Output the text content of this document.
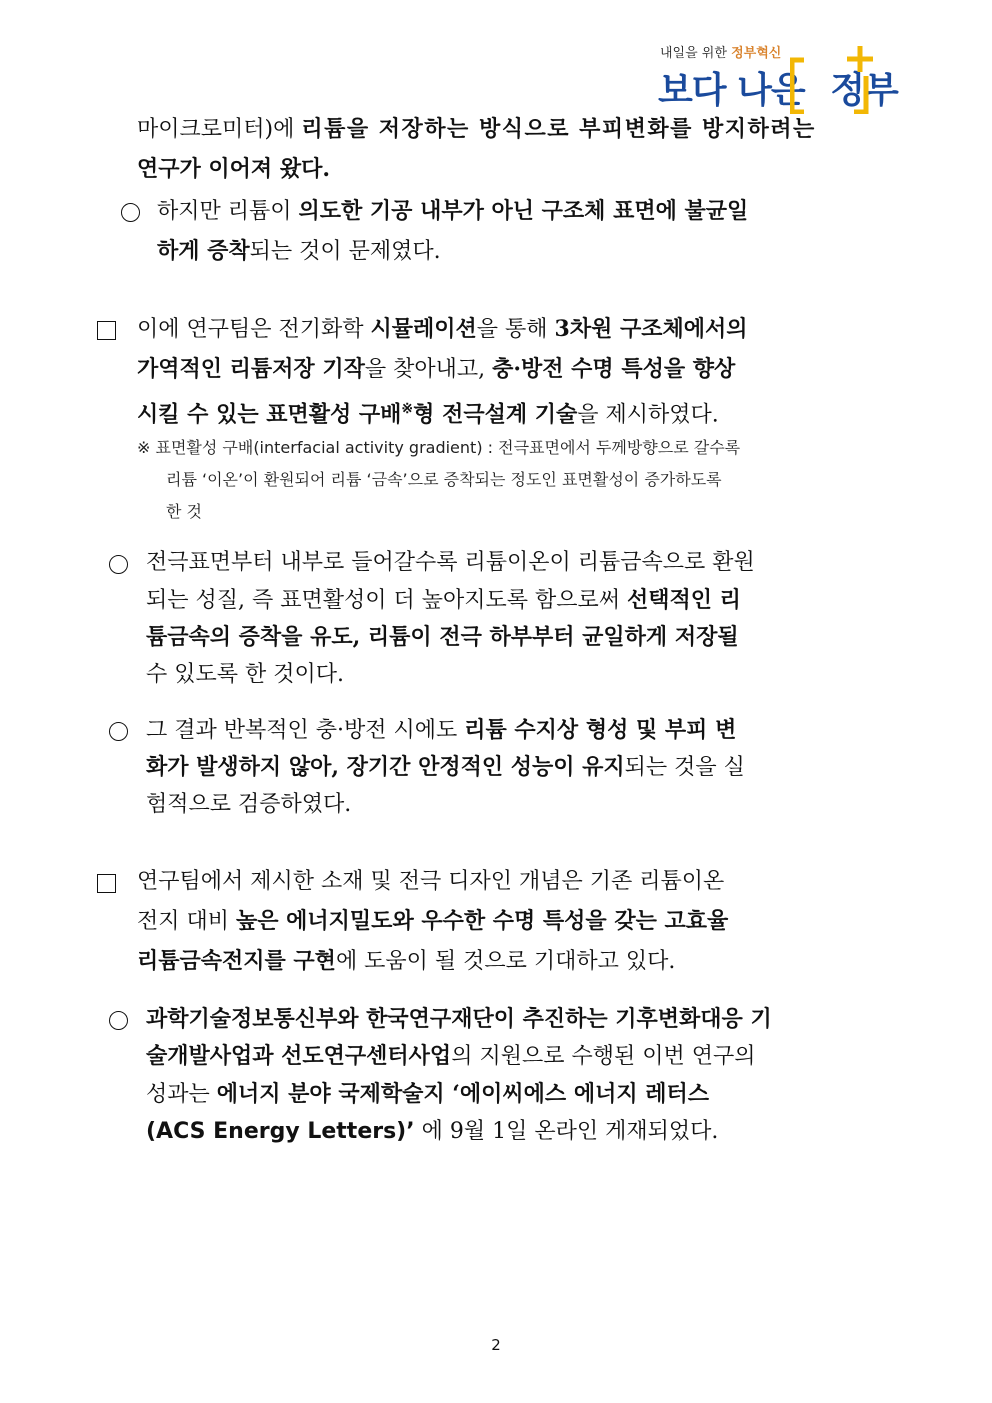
내일을 위한 정부혁신
보다 나은 정부
마이크로미터)에 리튬을 저장하는 방식으로 부피변화를 방지하려는
연구가 이어져 왔다.
하지만 리튬이 의도한 기공 내부가 아닌 구조체 표면에 불균일
하게 증착되는 것이 문제였다.
이에 연구팀은 전기화학 시뮬레이션을 통해 3차원 구조체에서의
가역적인 리튬저장 기작을 찾아내고, 충·방전 수명 특성을 향상
시킬 수 있는 표면활성 구배※형 전극설계 기술을 제시하였다.
※ 표면활성 구배(interfacial activity gradient) : 전극표면에서 두께방향으로 갈수록
리튬 ‘이온’이 환원되어 리튬 ‘금속’으로 증착되는 정도인 표면활성이 증가하도록
한 것
전극표면부터 내부로 들어갈수록 리튬이온이 리튬금속으로 환원
되는 성질, 즉 표면활성이 더 높아지도록 함으로써 선택적인 리
튬금속의 증착을 유도, 리튬이 전극 하부부터 균일하게 저장될
수 있도록 한 것이다.
그 결과 반복적인 충·방전 시에도 리튬 수지상 형성 및 부피 변
화가 발생하지 않아, 장기간 안정적인 성능이 유지되는 것을 실
험적으로 검증하였다.
연구팀에서 제시한 소재 및 전극 디자인 개념은 기존 리튬이온
전지 대비 높은 에너지밀도와 우수한 수명 특성을 갖는 고효율
리튬금속전지를 구현에 도움이 될 것으로 기대하고 있다.
과학기술정보통신부와 한국연구재단이 추진하는 기후변화대응 기
술개발사업과 선도연구센터사업의 지원으로 수행된 이번 연구의
성과는 에너지 분야 국제학술지 ‘에이씨에스 에너지 레터스
(ACS Energy Letters)’ 에 9월 1일 온라인 게재되었다.
2
